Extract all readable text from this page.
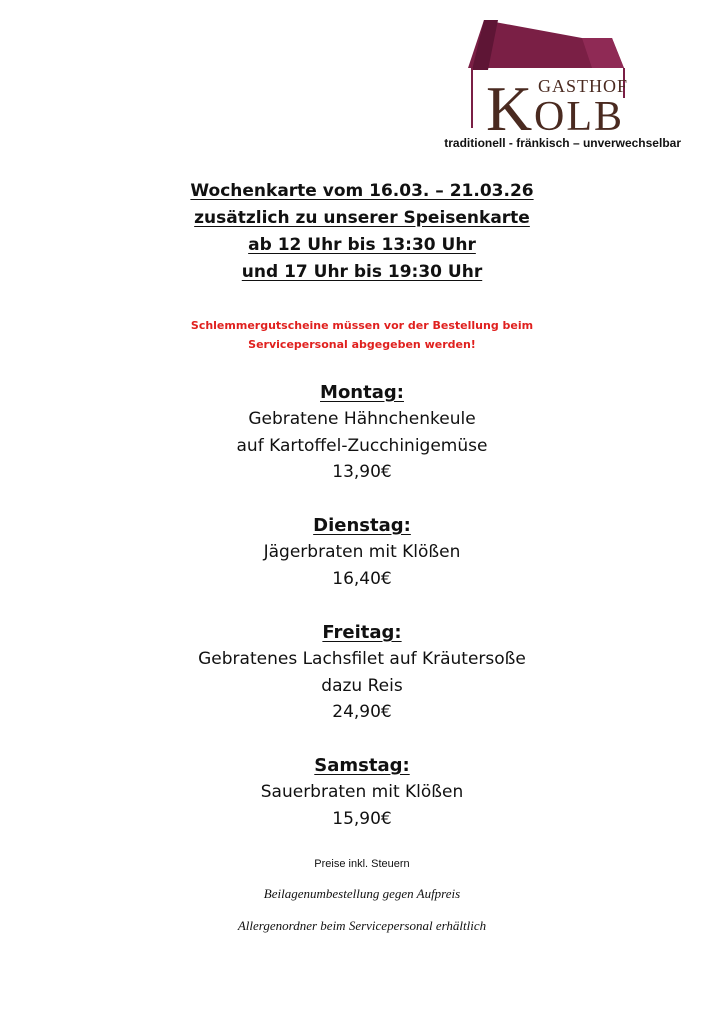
GASTHOF
K OLB
traditionell - fränkisch – unverwechselbar
Wochenkarte vom 16.03. – 21.03.26
zusätzlich zu unserer Speisenkarte
ab 12 Uhr bis 13:30 Uhr
und 17 Uhr bis 19:30 Uhr
Schlemmergutscheine müssen vor der Bestellung beim Servicepersonal abgegeben werden!
Montag:
Gebratene Hähnchenkeule
auf Kartoffel-Zucchinigemüse
13,90€
Dienstag:
Jägerbraten mit Klößen
16,40€
Freitag:
Gebratenes Lachsfilet auf Kräutersoße
dazu Reis
24,90€
Samstag:
Sauerbraten mit Klößen
15,90€
Preise inkl. Steuern
Beilagenumbestellung gegen Aufpreis
Allergenordner beim Servicepersonal erhältlich
